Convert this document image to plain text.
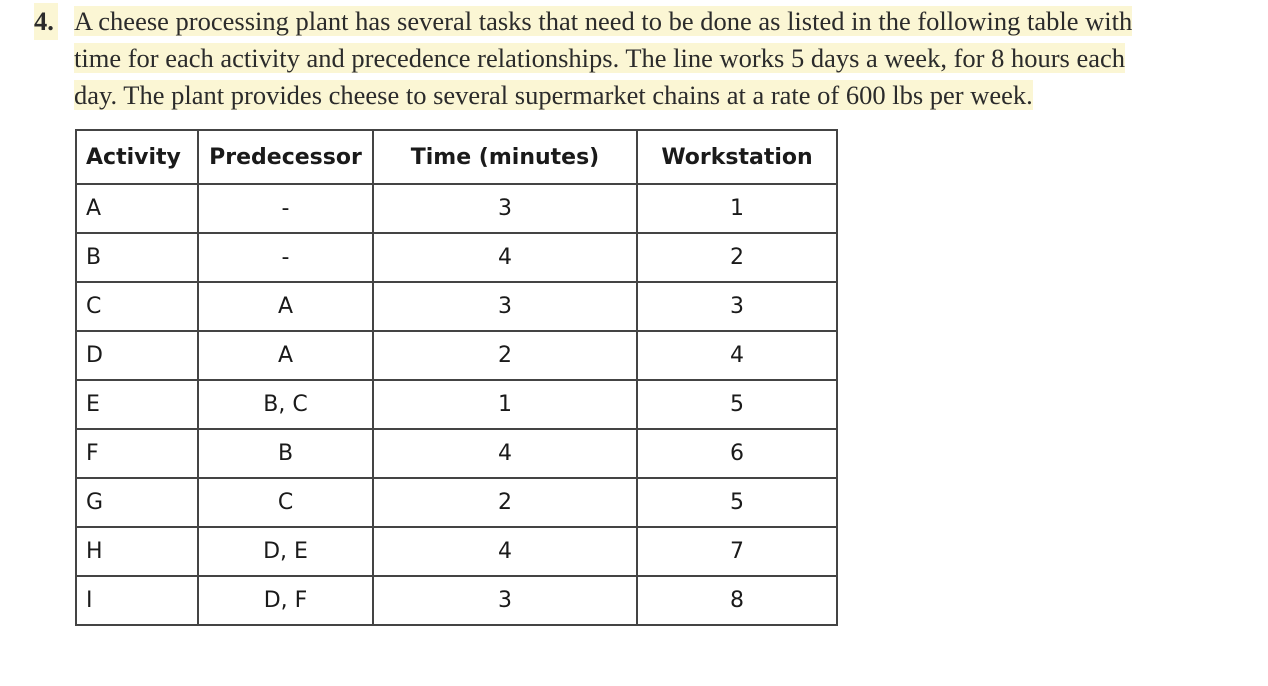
4. A cheese processing plant has several tasks that need to be done as listed in the following table with
time for each activity and precedence relationships. The line works 5 days a week, for 8 hours each
day. The plant provides cheese to several supermarket chains at a rate of 600 lbs per week.
Activity	Predecessor	Time (minutes)	Workstation
A	-	3	1
B	-	4	2
C	A	3	3
D	A	2	4
E	B, C	1	5
F	B	4	6
G	C	2	5
H	D, E	4	7
I	D, F	3	8
